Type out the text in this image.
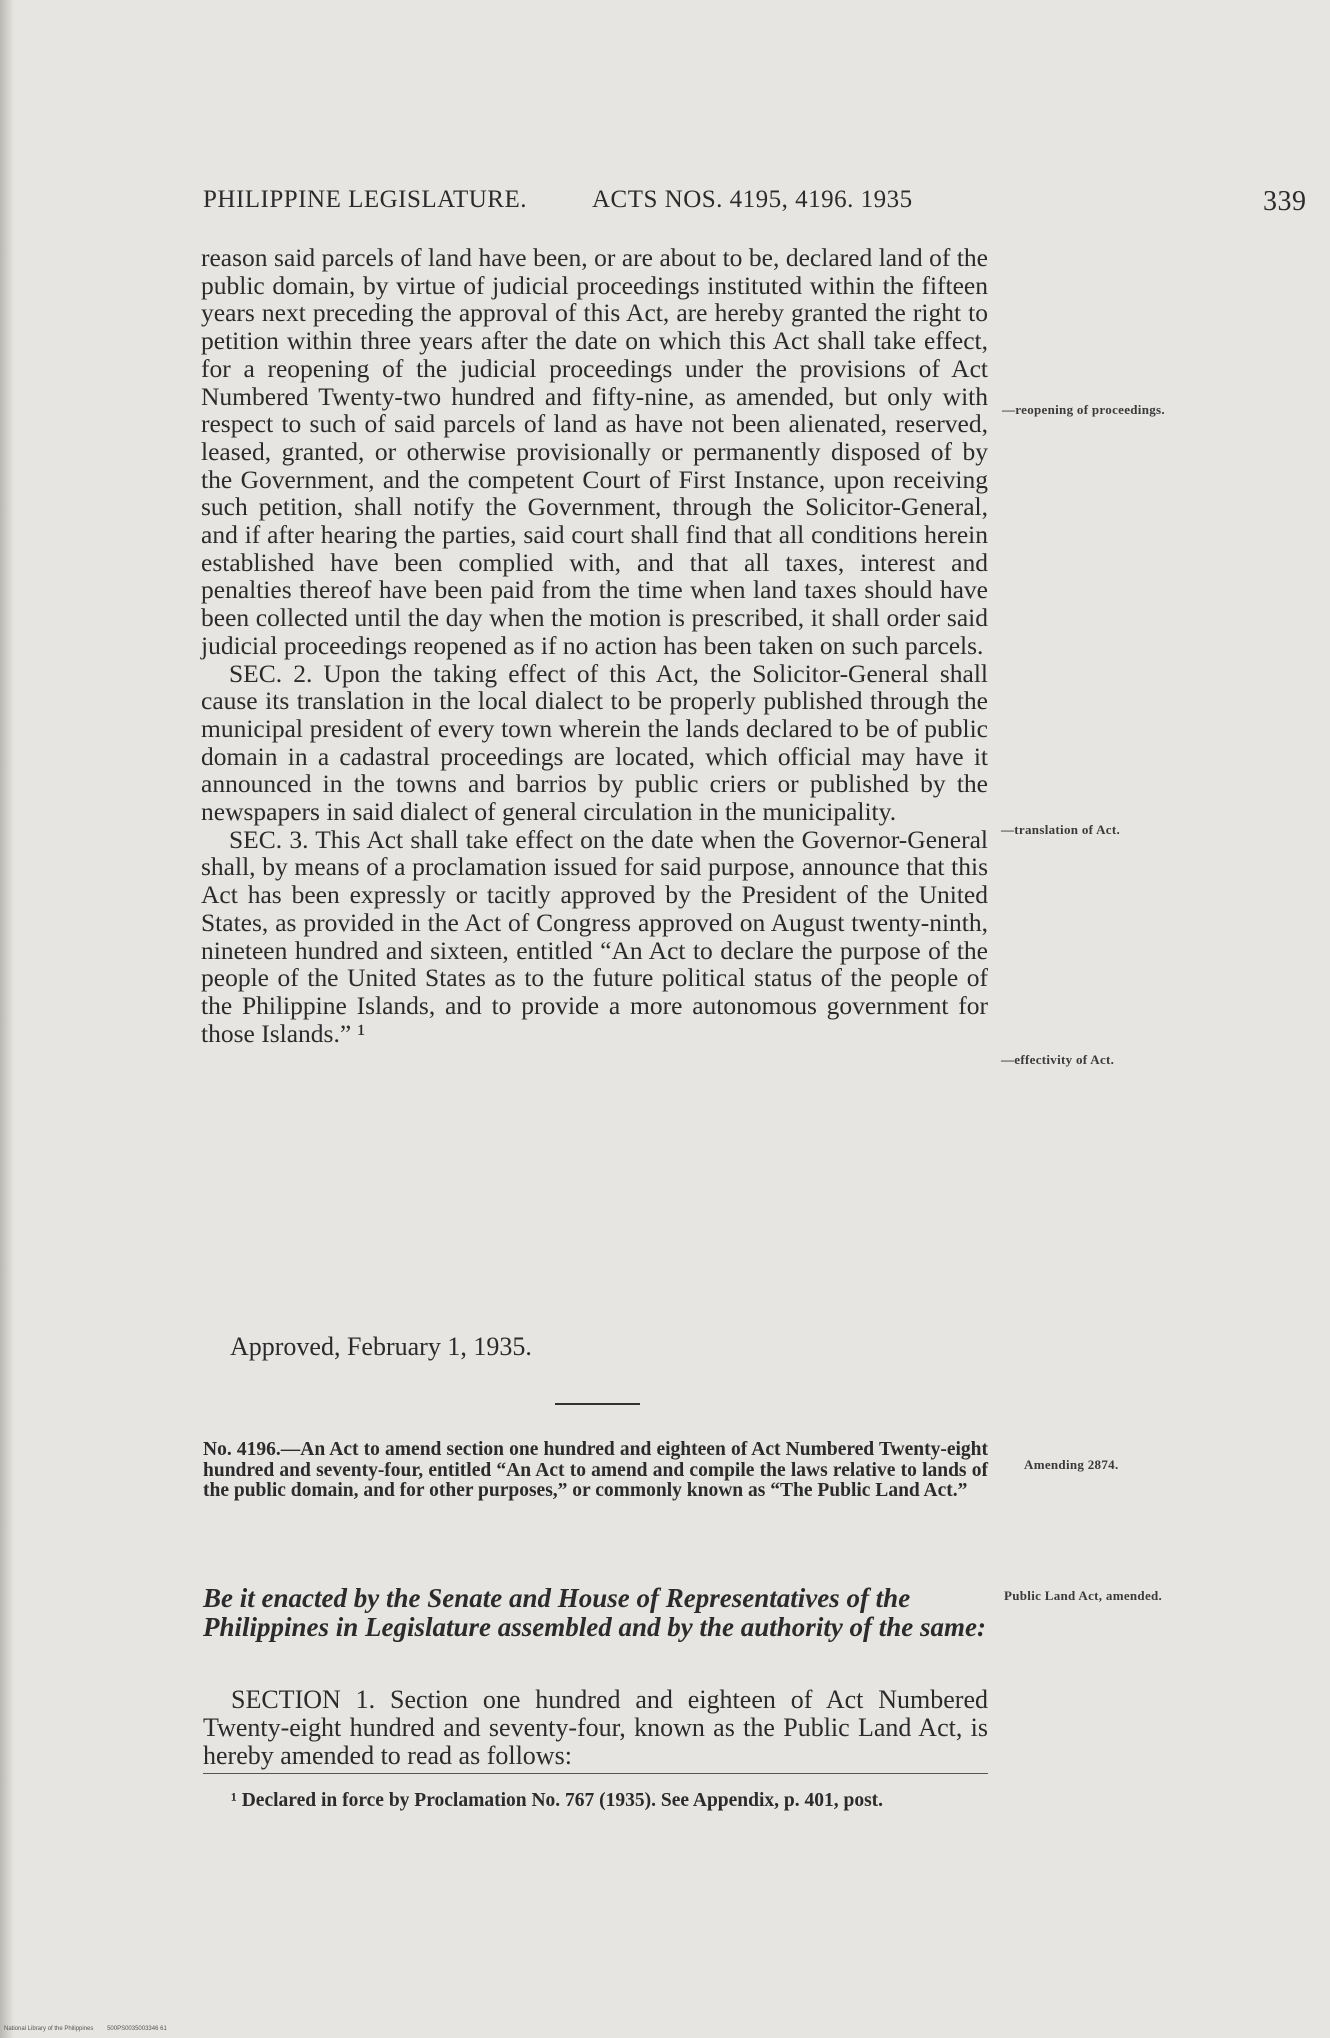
PHILIPPINE LEGISLATURE.	ACTS NOS. 4195, 4196. 1935	339

reason said parcels of land have been, or are about to be, declared land of the public domain, by virtue of judicial proceedings instituted within the fifteen years next preceding the approval of this Act, are hereby granted the right to petition within three years after the date on which this Act shall take effect, for a reopening of the judicial proceedings under the provisions of Act Numbered Twenty-two hundred and fifty-nine, as amended, but only with respect to such of said parcels of land as have not been alienated, reserved, leased, granted, or otherwise provisionally or permanently disposed of by the Government, and the competent Court of First Instance, upon receiving such petition, shall notify the Government, through the Solicitor-General, and if after hearing the parties, said court shall find that all conditions herein established have been complied with, and that all taxes, interest and penalties thereof have been paid from the time when land taxes should have been collected until the day when the motion is prescribed, it shall order said judicial proceedings reopened as if no action has been taken on such parcels.

SEC. 2. Upon the taking effect of this Act, the Solicitor-General shall cause its translation in the local dialect to be properly published through the municipal president of every town wherein the lands declared to be of public domain in a cadastral proceedings are located, which official may have it announced in the towns and barrios by public criers or published by the newspapers in said dialect of general circulation in the municipality.

SEC. 3. This Act shall take effect on the date when the Governor-General shall, by means of a proclamation issued for said purpose, announce that this Act has been expressly or tacitly approved by the President of the United States, as provided in the Act of Congress approved on August twenty-ninth, nineteen hundred and sixteen, entitled “An Act to declare the purpose of the people of the United States as to the future political status of the people of the Philippine Islands, and to provide a more autonomous government for those Islands.” ¹

Approved, February 1, 1935.
No. 4196.—An Act to amend section one hundred and eighteen of Act Numbered Twenty-eight hundred and seventy-four, entitled “An Act to amend and compile the laws relative to lands of the public domain, and for other purposes,” or commonly known as “The Public Land Act.”
Be it enacted by the Senate and House of Representatives of the Philippines in Legislature assembled and by the authority of the same:
SECTION 1. Section one hundred and eighteen of Act Numbered Twenty-eight hundred and seventy-four, known as the Public Land Act, is hereby amended to read as follows:
¹ Declared in force by Proclamation No. 767 (1935). See Appendix, p. 401, post.
—reopening of proceedings.
—translation of Act.
—effectivity of Act.
Amending 2874.
Public Land Act, amended.
National Library of the Philippines 500PS0035003346 61
